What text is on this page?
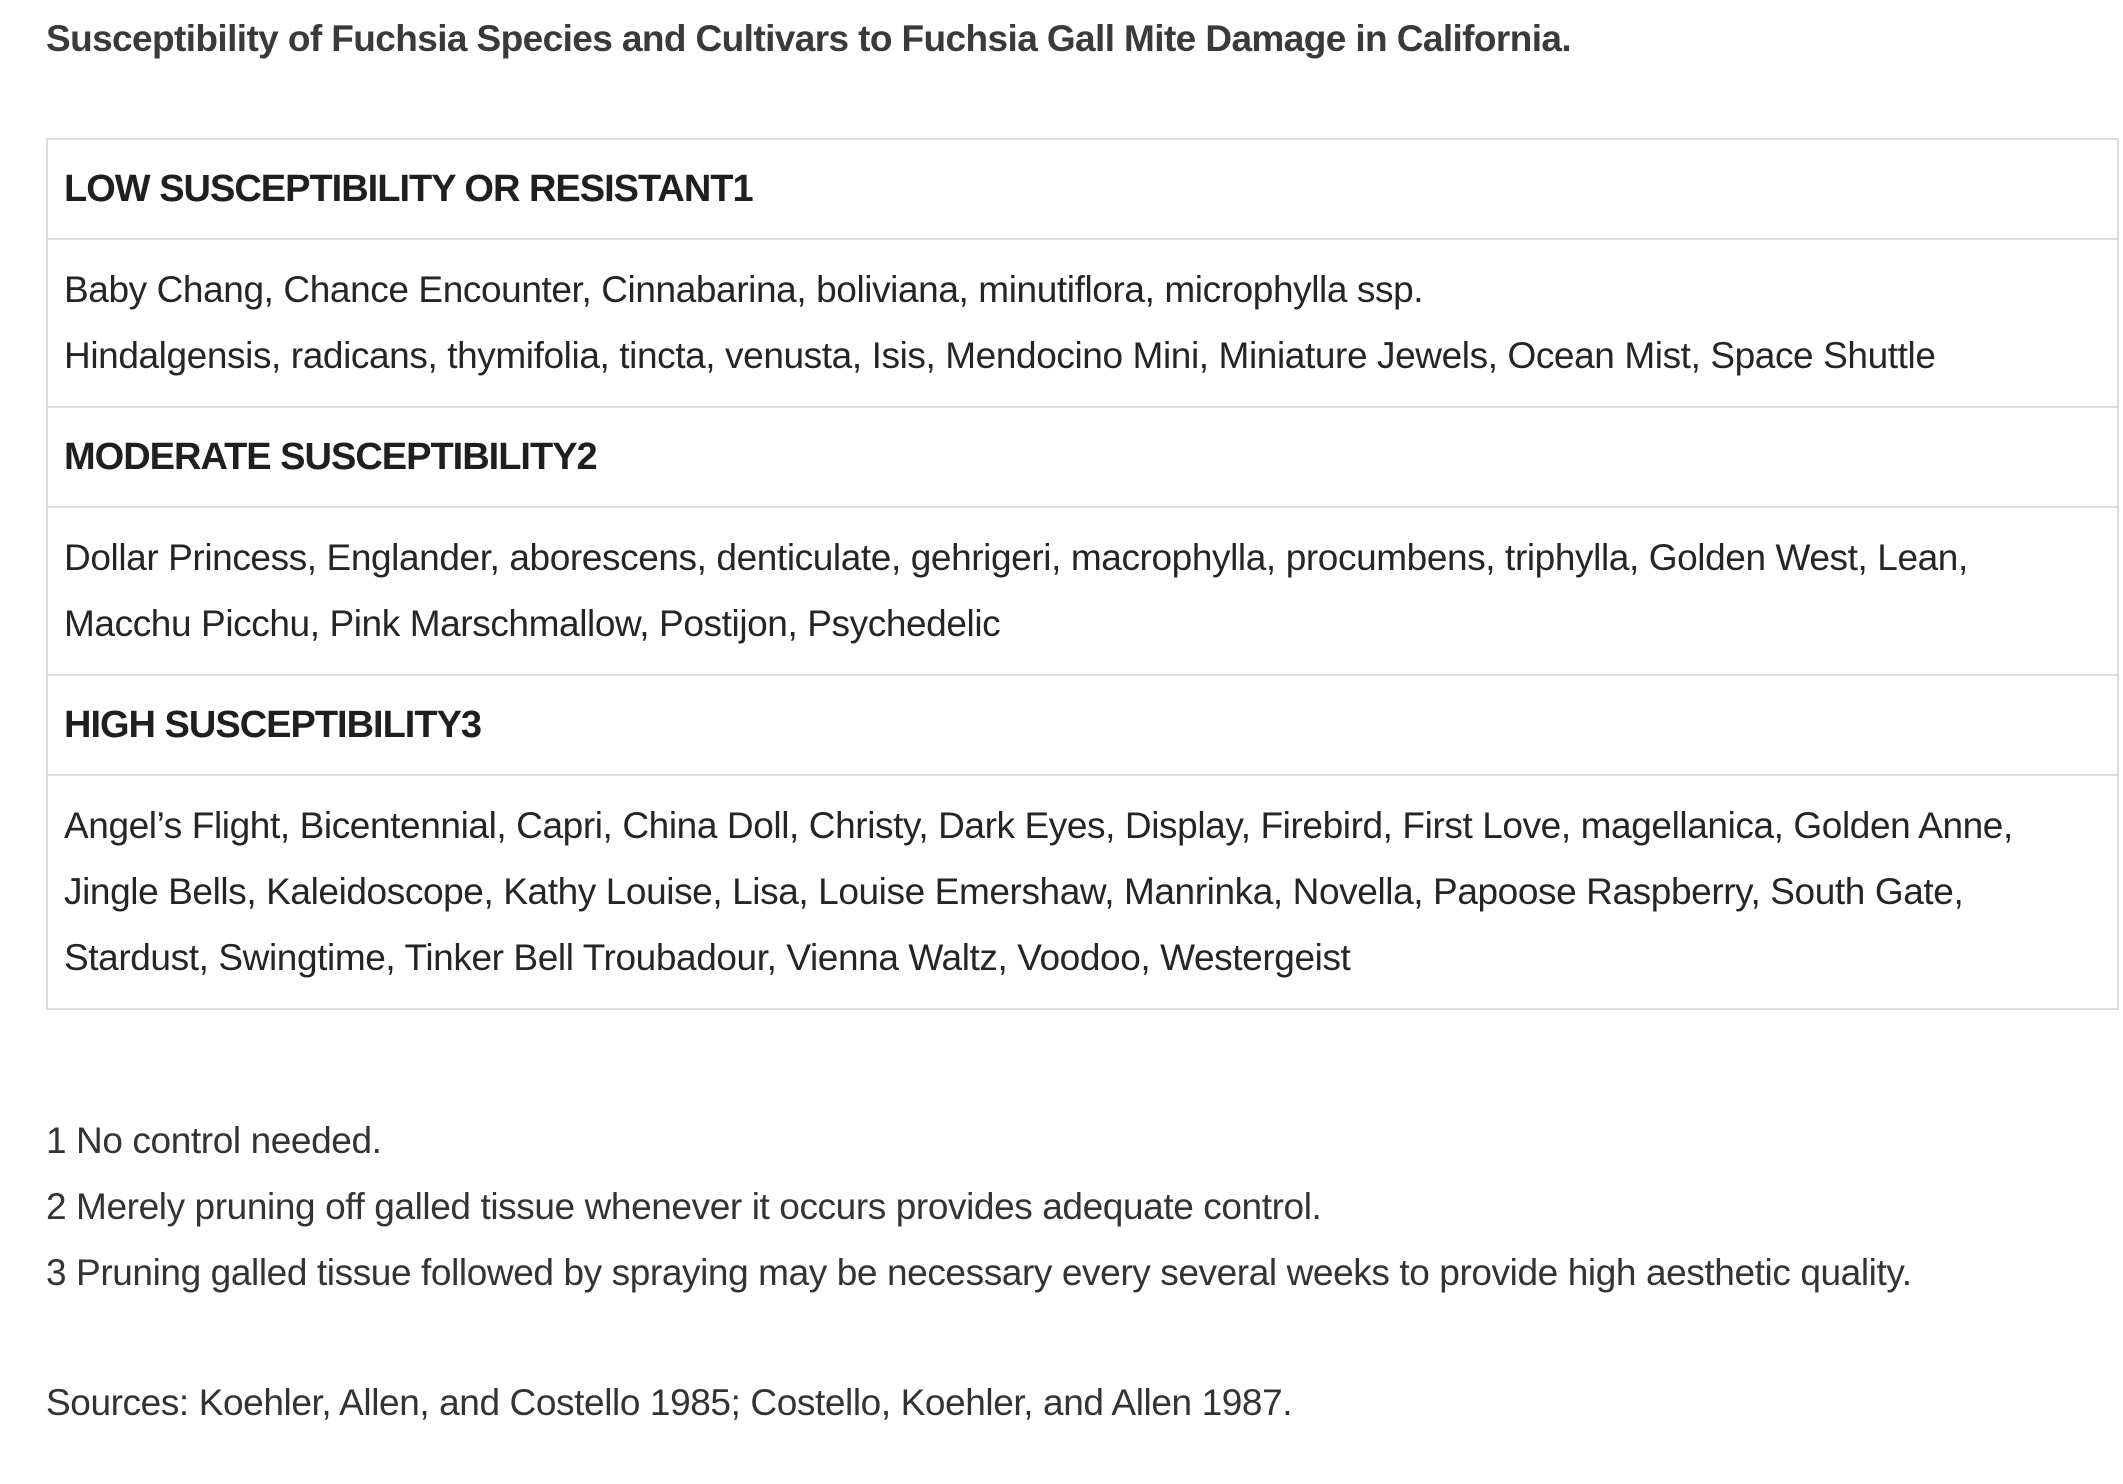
Susceptibility of Fuchsia Species and Cultivars to Fuchsia Gall Mite Damage in California.
LOW SUSCEPTIBILITY OR RESISTANT1
Baby Chang, Chance Encounter, Cinnabarina, boliviana, minutiflora, microphylla ssp.
Hindalgensis, radicans, thymifolia, tincta, venusta, Isis, Mendocino Mini, Miniature Jewels, Ocean Mist, Space Shuttle
MODERATE SUSCEPTIBILITY2
Dollar Princess, Englander, aborescens, denticulate, gehrigeri, macrophylla, procumbens, triphylla, Golden West, Lean,
Macchu Picchu, Pink Marschmallow, Postijon, Psychedelic
HIGH SUSCEPTIBILITY3
Angel’s Flight, Bicentennial, Capri, China Doll, Christy, Dark Eyes, Display, Firebird, First Love, magellanica, Golden Anne,
Jingle Bells, Kaleidoscope, Kathy Louise, Lisa, Louise Emershaw, Manrinka, Novella, Papoose Raspberry, South Gate,
Stardust, Swingtime, Tinker Bell Troubadour, Vienna Waltz, Voodoo, Westergeist
1 No control needed.
2 Merely pruning off galled tissue whenever it occurs provides adequate control.
3 Pruning galled tissue followed by spraying may be necessary every several weeks to provide high aesthetic quality.
Sources: Koehler, Allen, and Costello 1985; Costello, Koehler, and Allen 1987.
